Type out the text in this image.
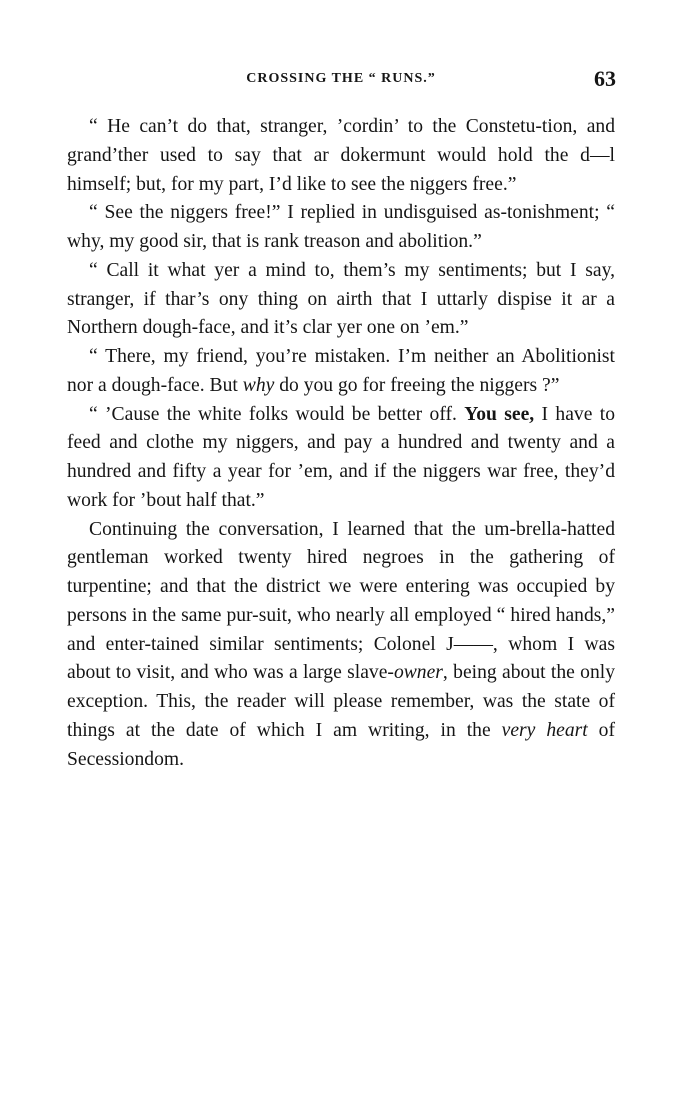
CROSSING THE “ RUNS.”	63

“ He can’t do that, stranger, ’cordin’ to the Constetu-tion, and grand’ther used to say that ar dokermunt would hold the d—l himself; but, for my part, I’d like to see the niggers free.”

“ See the niggers free!” I replied in undisguised as-tonishment; “ why, my good sir, that is rank treason and abolition.”

“ Call it what yer a mind to, them’s my sentiments; but I say, stranger, if thar’s ony thing on airth that I uttarly dispise it ar a Northern dough-face, and it’s clar yer one on ’em.”

“ There, my friend, you’re mistaken. I’m neither an Abolitionist nor a dough-face. But why do you go for freeing the niggers ?”

“ ’Cause the white folks would be better off. You see, I have to feed and clothe my niggers, and pay a hundred and twenty and a hundred and fifty a year for ’em, and if the niggers war free, they’d work for ’bout half that.”

Continuing the conversation, I learned that the um-brella-hatted gentleman worked twenty hired negroes in the gathering of turpentine; and that the district we were entering was occupied by persons in the same pur-suit, who nearly all employed “ hired hands,” and enter-tained similar sentiments; Colonel J——, whom I was about to visit, and who was a large slave-owner, being about the only exception. This, the reader will please remember, was the state of things at the date of which I am writing, in the very heart of Secessiondom.
